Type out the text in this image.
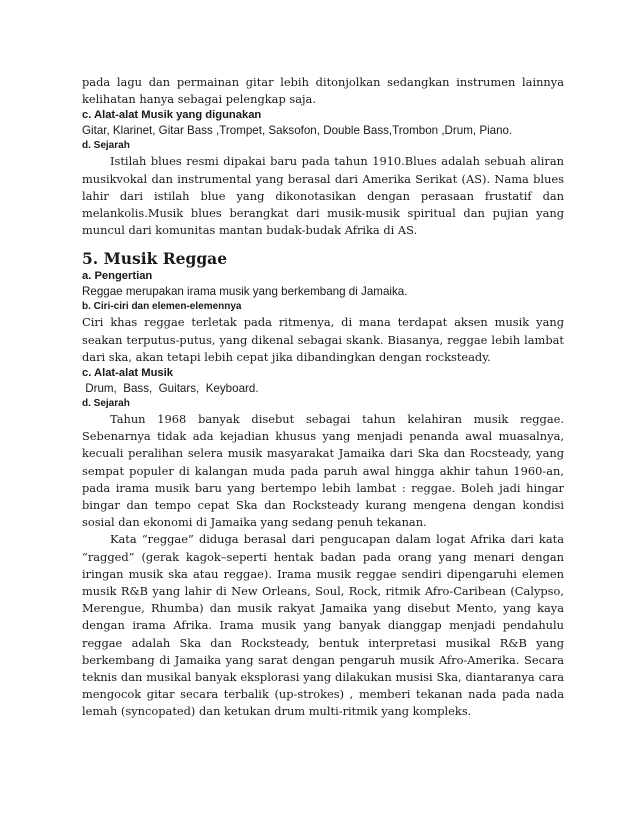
pada lagu dan permainan gitar lebih ditonjolkan sedangkan instrumen lainnya kelihatan hanya sebagai pelengkap saja.

c. Alat-alat Musik yang digunakan

Gitar, Klarinet, Gitar Bass ,Trompet, Saksofon, Double Bass,Trombon ,Drum, Piano.

d. Sejarah

Istilah blues resmi dipakai baru pada tahun 1910.Blues adalah sebuah aliran musikvokal dan instrumental yang berasal dari Amerika Serikat (AS). Nama blues lahir dari istilah blue yang dikonotasikan dengan perasaan frustatif dan melankolis.Musik blues berangkat dari musik-musik spiritual dan pujian yang muncul dari komunitas mantan budak-budak Afrika di AS.

5. Musik Reggae

a. Pengertian

Reggae merupakan irama musik yang berkembang di Jamaika.

b. Ciri-ciri dan elemen-elemennya

Ciri khas reggae terletak pada ritmenya, di mana terdapat aksen musik yang seakan terputus-putus, yang dikenal sebagai skank. Biasanya, reggae lebih lambat dari ska, akan tetapi lebih cepat jika dibandingkan dengan rocksteady.

c. Alat-alat Musik

Drum,  Bass,  Guitars,  Keyboard.

d. Sejarah

Tahun 1968 banyak disebut sebagai tahun kelahiran musik reggae. Sebenarnya tidak ada kejadian khusus yang menjadi penanda awal muasalnya, kecuali peralihan selera musik masyarakat Jamaika dari Ska dan Rocsteady, yang sempat populer di kalangan muda pada paruh awal hingga akhir tahun 1960-an, pada irama musik baru yang bertempo lebih lambat : reggae. Boleh jadi hingar bingar dan tempo cepat Ska dan Rocksteady kurang mengena dengan kondisi sosial dan ekonomi di Jamaika yang sedang penuh tekanan.

Kata “reggae” diduga berasal dari pengucapan dalam logat Afrika dari kata “ragged” (gerak kagok–seperti hentak badan pada orang yang menari dengan iringan musik ska atau reggae). Irama musik reggae sendiri dipengaruhi elemen musik R&B yang lahir di New Orleans, Soul, Rock, ritmik Afro-Caribean (Calypso, Merengue, Rhumba) dan musik rakyat Jamaika yang disebut Mento, yang kaya dengan irama Afrika. Irama musik yang banyak dianggap menjadi pendahulu reggae adalah Ska dan Rocksteady, bentuk interpretasi musikal R&B yang berkembang di Jamaika yang sarat dengan pengaruh musik Afro-Amerika. Secara teknis dan musikal banyak eksplorasi yang dilakukan musisi Ska, diantaranya cara mengocok gitar secara terbalik (up-strokes) , memberi tekanan nada pada nada lemah (syncopated) dan ketukan drum multi-ritmik yang kompleks.
